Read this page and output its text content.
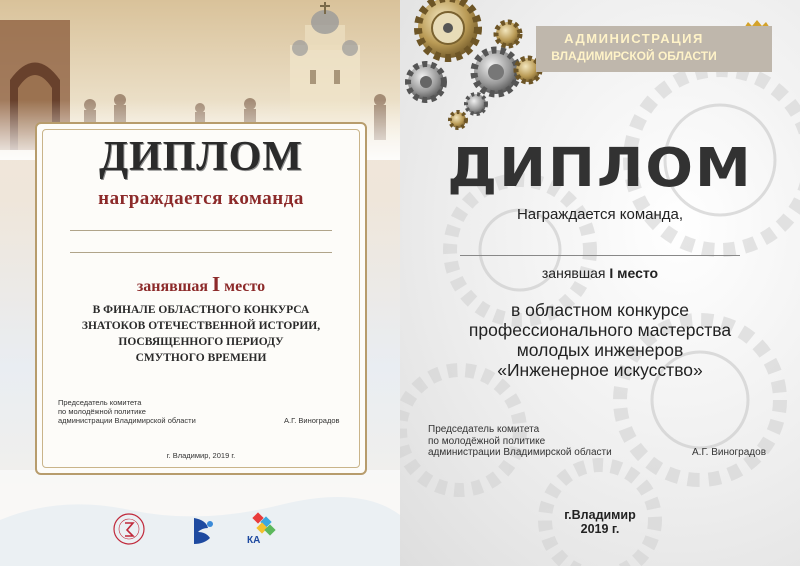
ДИПЛОМ
награждается команда
занявшая I место
В ФИНАЛЕ ОБЛАСТНОГО КОНКУРСА
ЗНАТОКОВ ОТЕЧЕСТВЕННОЙ ИСТОРИИ,
ПОСВЯЩЕННОГО ПЕРИОДУ
СМУТНОГО ВРЕМЕНИ
Председатель комитета
по молодёжной политике
администрации Владимирской области	А.Г. Виноградов
г. Владимир, 2019 г.
КА
АДМИНИСТРАЦИЯ
ВЛАДИМИРСКОЙ ОБЛАСТИ
ДИПЛОМ
Награждается команда,
занявшая I место
в областном конкурсе
профессионального мастерства
молодых инженеров
«Инженерное искусство»
Председатель комитета
по молодёжной политике
администрации Владимирской области	А.Г. Виноградов
г.Владимир
2019 г.
